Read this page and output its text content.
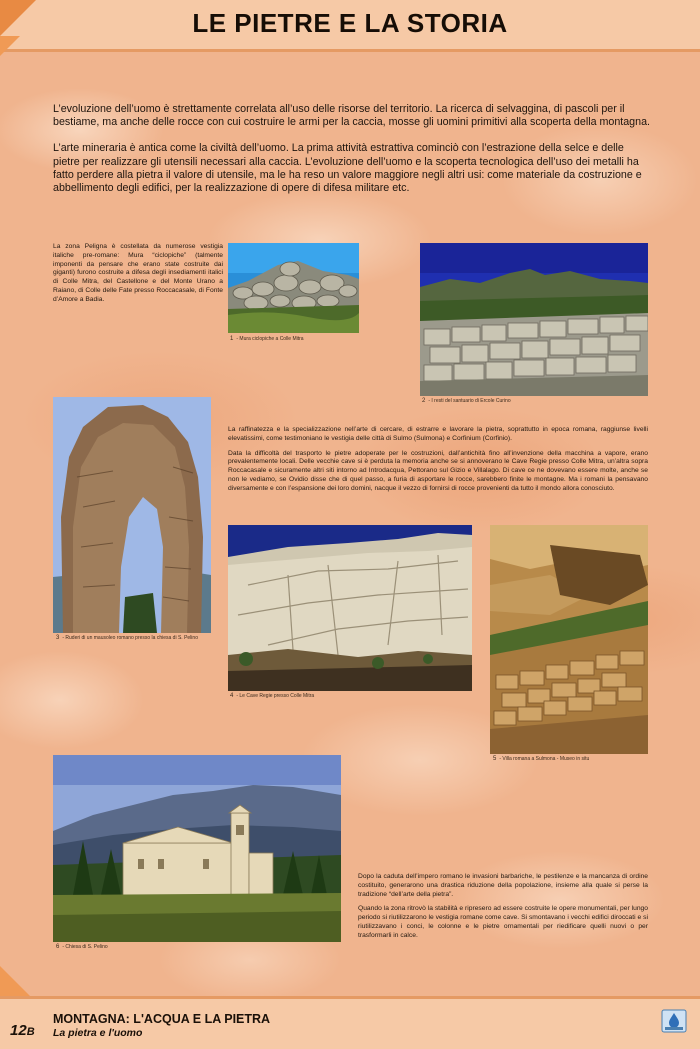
LE PIETRE E LA STORIA

L’evoluzione dell’uomo è strettamente correlata all’uso delle risorse del territorio. La ricerca di selvaggina, di pascoli per il bestiame, ma anche delle rocce con cui costruire le armi per la caccia, mosse gli uomini primitivi alla scoperta della montagna.

L’arte mineraria è antica come la civiltà dell’uomo. La prima attività estrattiva cominciò con l’estrazione della selce e delle pietre per realizzare gli utensili necessari alla caccia. L’evoluzione dell’uomo e la scoperta tecnologica dell’uso dei metalli ha fatto perdere alla pietra il valore di utensile, ma le ha reso un valore maggiore negli altri usi: come materiale da costruzione e abbellimento degli edifici, per la realizzazione di opere di difesa militare etc.

La zona Peligna è costellata da numerose vestigia italiche pre-romane: Mura “ciclopiche” (talmente imponenti da pensare che erano state costruite dai giganti) furono costruite a difesa degli insediamenti italici di Colle Mitra, del Castellone e del Monte Urano a Raiano, di Colle delle Fate presso Roccacasale, di Fonte d’Amore a Badia.

1 - Mura ciclopiche a Colle Mitra
2 - I resti del santuario di Ercole Curino
3 - Ruderi di un mausoleo romano presso la chiesa di S. Pelino

La raffinatezza e la specializzazione nell’arte di cercare, di estrarre e lavorare la pietra, soprattutto in epoca romana, raggiunse livelli elevatissimi, come testimoniano le vestigia delle città di Sulmo (Sulmona) e Corfinium (Corfinio).

Data la difficoltà del trasporto le pietre adoperate per le costruzioni, dall’antichità fino all’invenzione della macchina a vapore, erano prevalentemente locali. Delle vecchie cave si è perduta la memoria anche se si annoverano le Cave Regie presso Colle Mitra, un’altra sopra Roccacasale e sicuramente altri siti intorno ad Introdacqua, Pettorano sul Gizio e Villalago. Di cave ce ne dovevano essere molte, anche se non le vediamo, se Ovidio disse che di quel passo, a furia di asportare le rocce, sarebbero finite le montagne. Ma i romani la pensavano diversamente e con l’espansione dei loro domini, nacque il vezzo di fornirsi di rocce provenienti da tutto il mondo allora conosciuto.

4 - Le Cave Regie presso Colle Mitra
5 - Villa romana a Sulmona - Museo in situ
6 - Chiesa di S. Pelino

Dopo la caduta dell’impero romano le invasioni barbariche, le pestilenze e la mancanza di ordine costituito, generarono una drastica riduzione della popolazione, insieme alla quale si perse la tradizione “dell’arte della pietra”.

Quando la zona ritrovò la stabilità e ripresero ad essere costruite le opere monumentali, per lungo periodo si riutilizzarono le vestigia romane come cave. Si smontavano i vecchi edifici diroccati e si riutilizzavano i conci, le colonne e le pietre ornamentali per riedificare quelli nuovi o per trasformarli in calce.

12B
MONTAGNA: L'ACQUA E LA PIETRA
La pietra e l'uomo
